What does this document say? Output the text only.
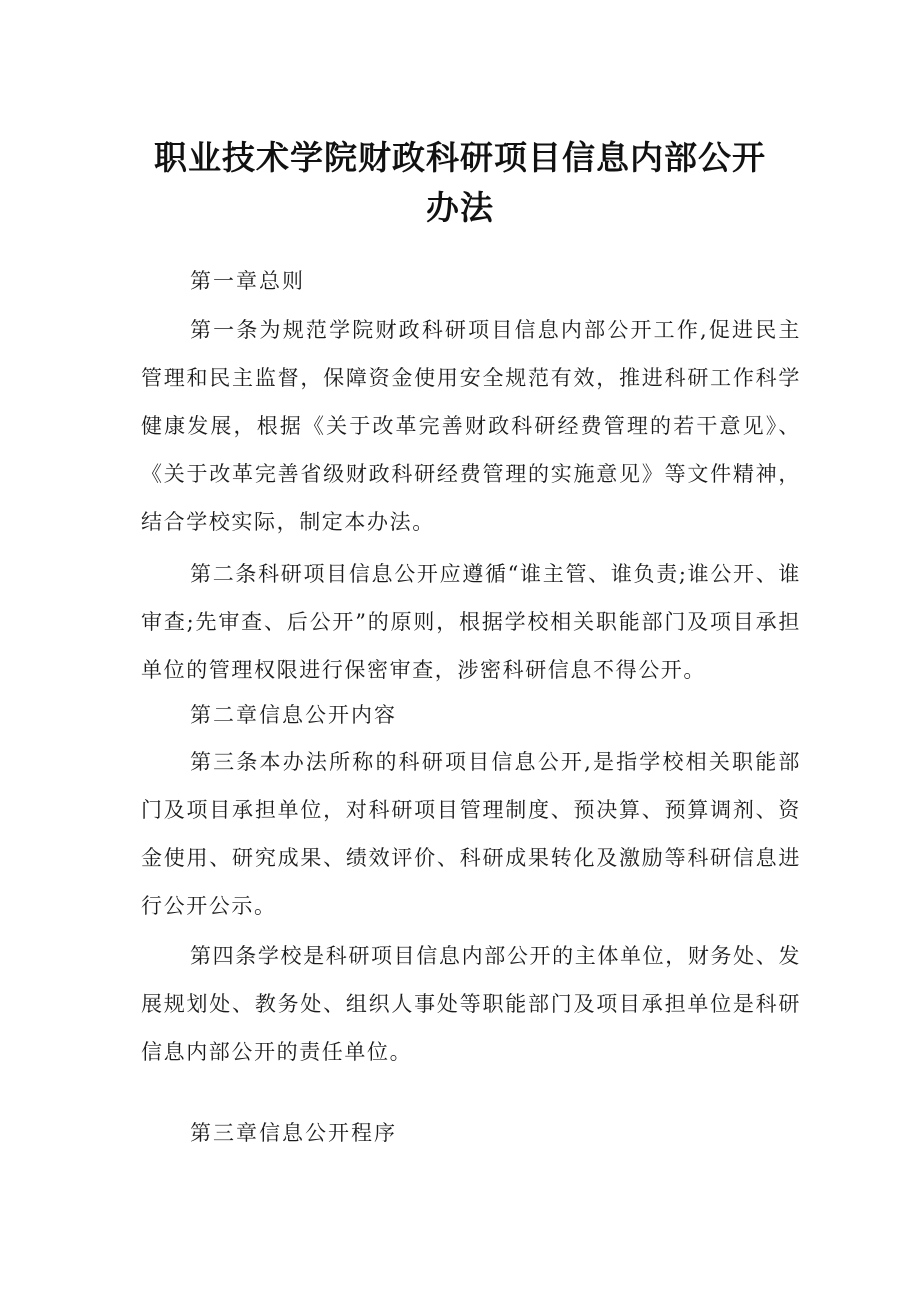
职业技术学院财政科研项目信息内部公开
办法
第一章总则

第一条为规范学院财政科研项目信息内部公开工作,促进民主管理和民主监督，保障资金使用安全规范有效，推进科研工作科学健康发展，根据《关于改革完善财政科研经费管理的若干意见》、《关于改革完善省级财政科研经费管理的实施意见》等文件精神，结合学校实际，制定本办法。

第二条科研项目信息公开应遵循“谁主管、谁负责;谁公开、谁审查;先审查、后公开”的原则，根据学校相关职能部门及项目承担单位的管理权限进行保密审查，涉密科研信息不得公开。

第二章信息公开内容

第三条本办法所称的科研项目信息公开,是指学校相关职能部门及项目承担单位，对科研项目管理制度、预决算、预算调剂、资金使用、研究成果、绩效评价、科研成果转化及激励等科研信息进行公开公示。

第四条学校是科研项目信息内部公开的主体单位，财务处、发展规划处、教务处、组织人事处等职能部门及项目承担单位是科研信息内部公开的责任单位。

第三章信息公开程序
